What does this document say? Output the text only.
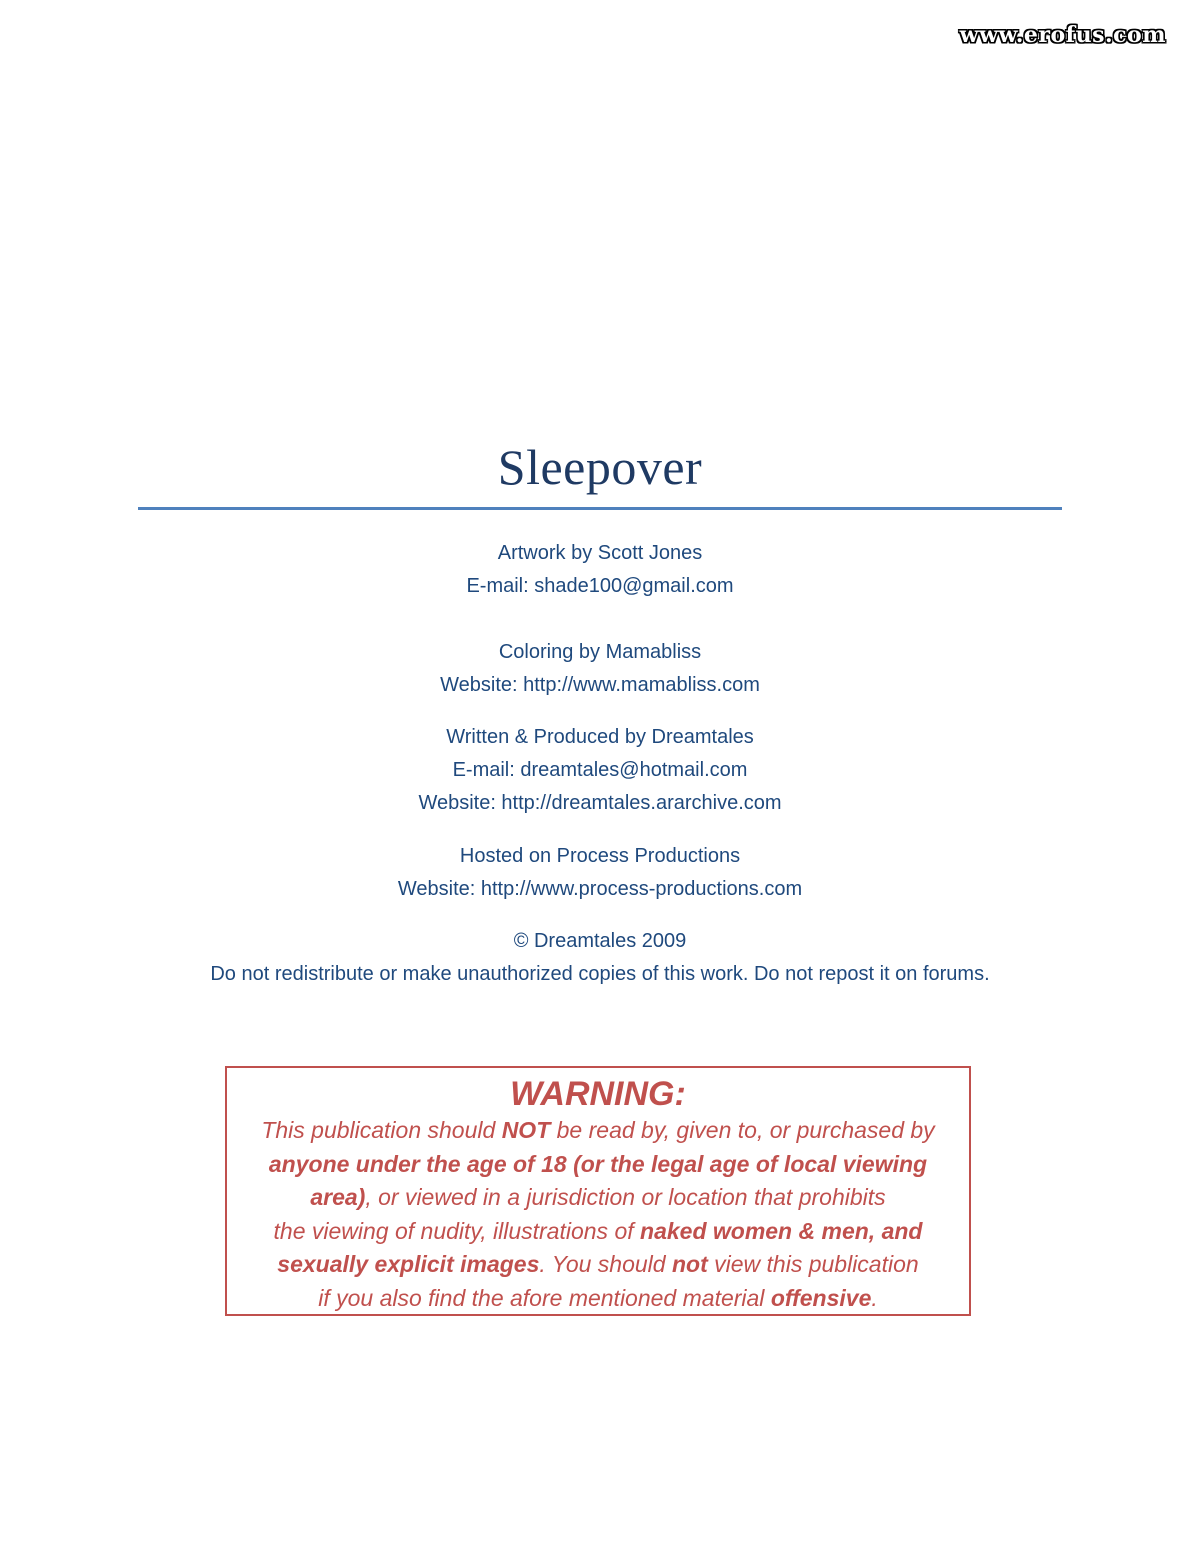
www.erofus.com
Sleepover
Artwork by Scott Jones
E-mail: shade100@gmail.com
Coloring by Mamabliss
Website: http://www.mamabliss.com
Written & Produced by Dreamtales
E-mail: dreamtales@hotmail.com
Website: http://dreamtales.ararchive.com
Hosted on Process Productions
Website: http://www.process-productions.com
© Dreamtales 2009
Do not redistribute or make unauthorized copies of this work. Do not repost it on forums.
WARNING:
This publication should NOT be read by, given to, or purchased by
anyone under the age of 18 (or the legal age of local viewing
area), or viewed in a jurisdiction or location that prohibits
the viewing of nudity, illustrations of naked women & men, and
sexually explicit images. You should not view this publication
if you also find the afore mentioned material offensive.
